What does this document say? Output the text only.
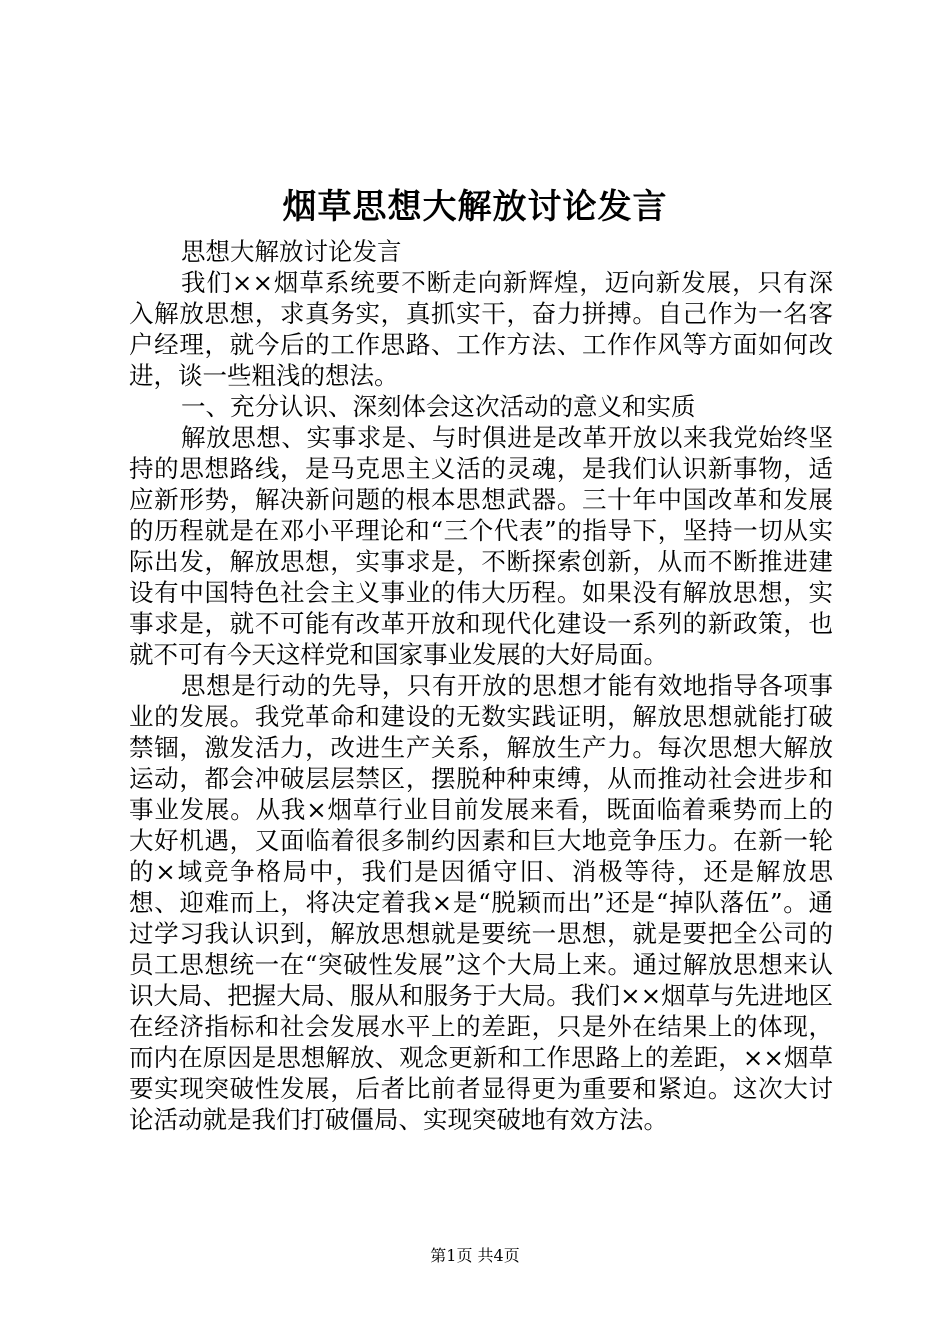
烟草思想大解放讨论发言

思想大解放讨论发言

我们××烟草系统要不断走向新辉煌，迈向新发展，只有深入解放思想，求真务实，真抓实干，奋力拼搏。自己作为一名客户经理，就今后的工作思路、工作方法、工作作风等方面如何改进，谈一些粗浅的想法。

一、充分认识、深刻体会这次活动的意义和实质

解放思想、实事求是、与时俱进是改革开放以来我党始终坚持的思想路线，是马克思主义活的灵魂，是我们认识新事物，适应新形势，解决新问题的根本思想武器。三十年中国改革和发展的历程就是在邓小平理论和“三个代表”的指导下，坚持一切从实际出发，解放思想，实事求是，不断探索创新，从而不断推进建设有中国特色社会主义事业的伟大历程。如果没有解放思想，实事求是，就不可能有改革开放和现代化建设一系列的新政策，也就不可有今天这样党和国家事业发展的大好局面。

思想是行动的先导，只有开放的思想才能有效地指导各项事业的发展。我党革命和建设的无数实践证明，解放思想就能打破禁锢，激发活力，改进生产关系，解放生产力。每次思想大解放运动，都会冲破层层禁区，摆脱种种束缚，从而推动社会进步和事业发展。从我×烟草行业目前发展来看，既面临着乘势而上的大好机遇，又面临着很多制约因素和巨大地竞争压力。在新一轮的×域竞争格局中，我们是因循守旧、消极等待，还是解放思想、迎难而上，将决定着我×是“脱颖而出”还是“掉队落伍”。通过学习我认识到，解放思想就是要统一思想，就是要把全公司的员工思想统一在“突破性发展”这个大局上来。通过解放思想来认识大局、把握大局、服从和服务于大局。我们××烟草与先进地区在经济指标和社会发展水平上的差距，只是外在结果上的体现，而内在原因是思想解放、观念更新和工作思路上的差距，××烟草要实现突破性发展，后者比前者显得更为重要和紧迫。这次大讨论活动就是我们打破僵局、实现突破地有效方法。

第1页 共4页
